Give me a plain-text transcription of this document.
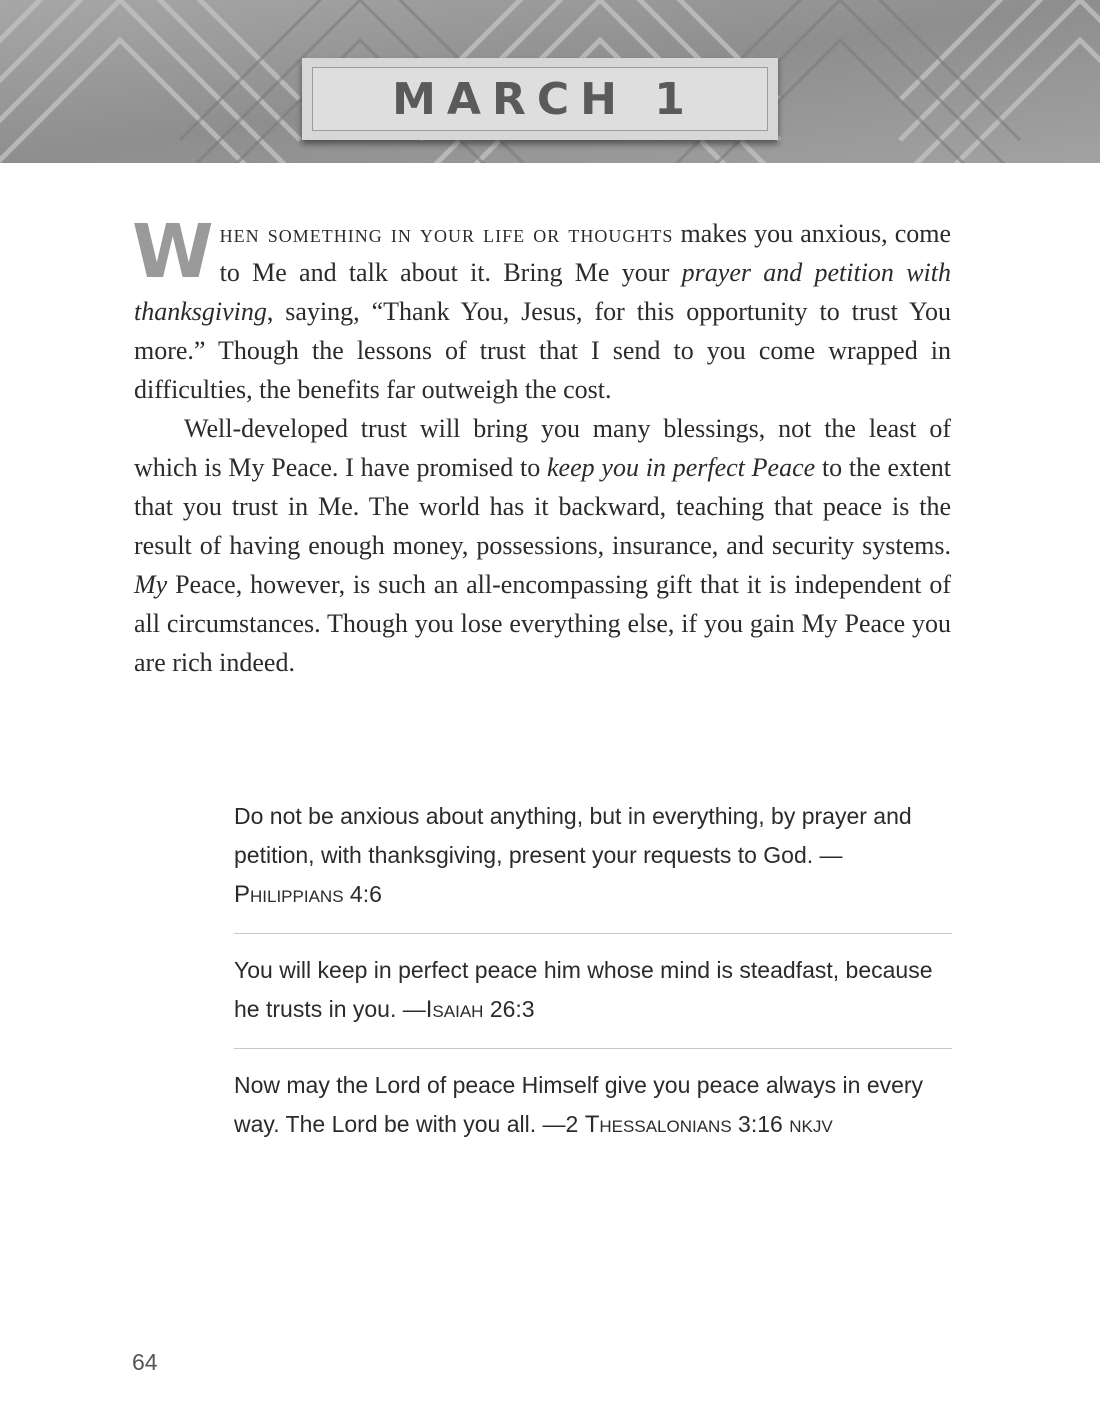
MARCH 1

When something in your life or thoughts makes you anxious, come to Me and talk about it. Bring Me your prayer and petition with thanksgiving, saying, “Thank You, Jesus, for this opportunity to trust You more.” Though the lessons of trust that I send to you come wrapped in difficulties, the benefits far outweigh the cost.

Well-developed trust will bring you many blessings, not the least of which is My Peace. I have promised to keep you in perfect Peace to the extent that you trust in Me. The world has it backward, teaching that peace is the result of having enough money, possessions, insurance, and security systems. My Peace, however, is such an all-encompassing gift that it is independent of all circumstances. Though you lose everything else, if you gain My Peace you are rich indeed.

Do not be anxious about anything, but in everything, by prayer and petition, with thanksgiving, present your requests to God. —Philippians 4:6
You will keep in perfect peace him whose mind is steadfast, because he trusts in you. —Isaiah 26:3
Now may the Lord of peace Himself give you peace always in every way. The Lord be with you all. —2 Thessalonians 3:16 nkjv
64
